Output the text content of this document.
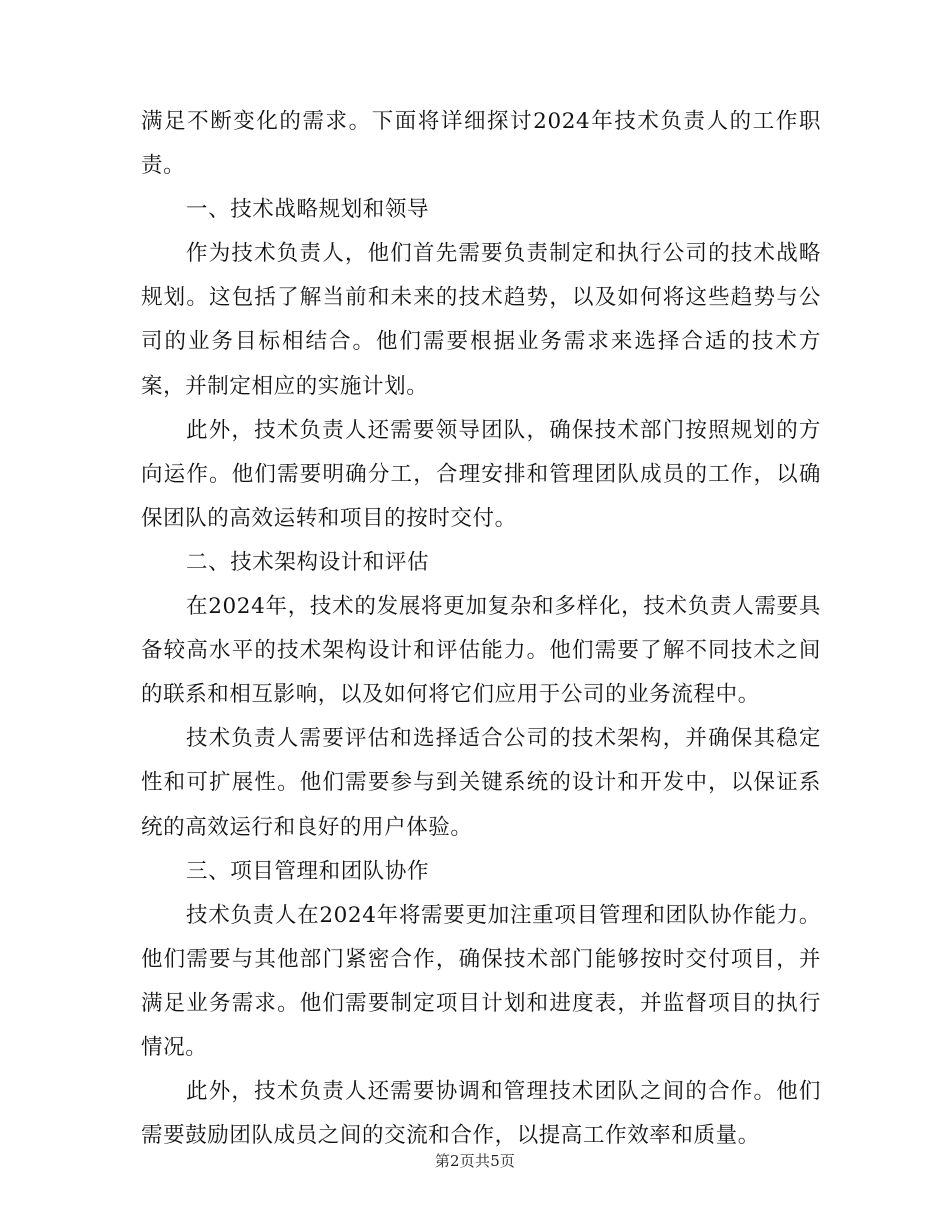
满足不断变化的需求。下面将详细探讨2024年技术负责人的工作职责。

一、技术战略规划和领导

作为技术负责人，他们首先需要负责制定和执行公司的技术战略规划。这包括了解当前和未来的技术趋势，以及如何将这些趋势与公司的业务目标相结合。他们需要根据业务需求来选择合适的技术方案，并制定相应的实施计划。

此外，技术负责人还需要领导团队，确保技术部门按照规划的方向运作。他们需要明确分工，合理安排和管理团队成员的工作，以确保团队的高效运转和项目的按时交付。

二、技术架构设计和评估

在2024年，技术的发展将更加复杂和多样化，技术负责人需要具备较高水平的技术架构设计和评估能力。他们需要了解不同技术之间的联系和相互影响，以及如何将它们应用于公司的业务流程中。

技术负责人需要评估和选择适合公司的技术架构，并确保其稳定性和可扩展性。他们需要参与到关键系统的设计和开发中，以保证系统的高效运行和良好的用户体验。

三、项目管理和团队协作

技术负责人在2024年将需要更加注重项目管理和团队协作能力。他们需要与其他部门紧密合作，确保技术部门能够按时交付项目，并满足业务需求。他们需要制定项目计划和进度表，并监督项目的执行情况。

此外，技术负责人还需要协调和管理技术团队之间的合作。他们需要鼓励团队成员之间的交流和合作，以提高工作效率和质量。

第2页共5页
